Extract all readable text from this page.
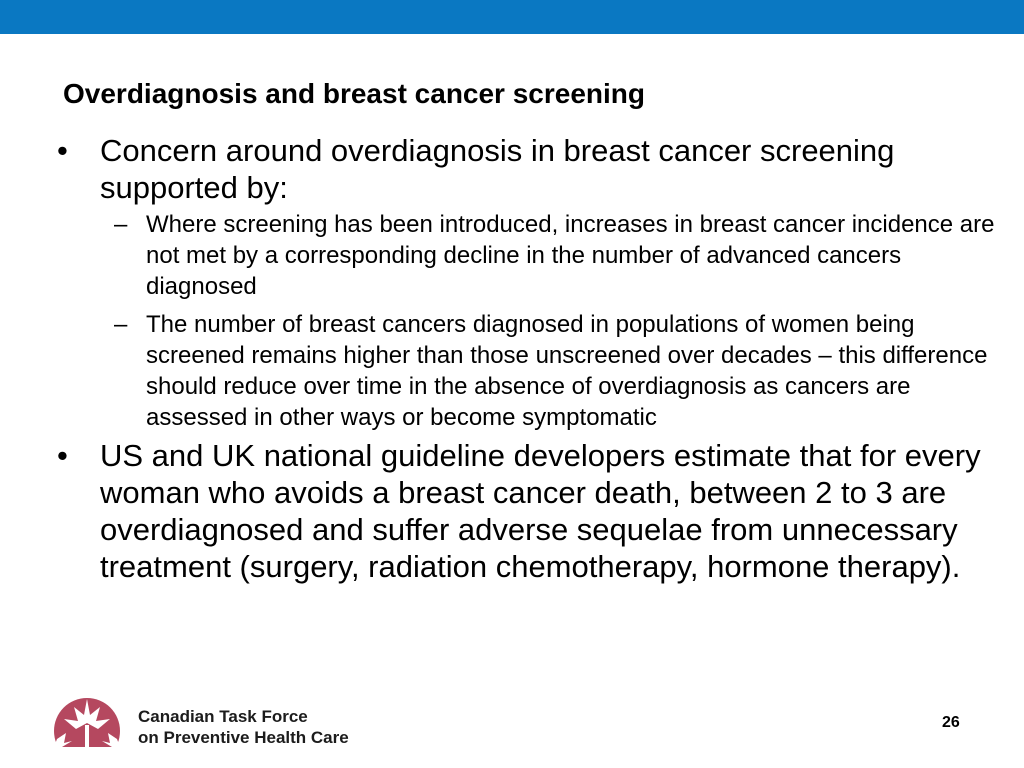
Overdiagnosis and breast cancer screening
• Concern around overdiagnosis in breast cancer screening supported by:
– Where screening has been introduced, increases in breast cancer incidence are not met by a corresponding decline in the number of advanced cancers diagnosed
– The number of breast cancers diagnosed in populations of women being screened remains higher than those unscreened over decades – this difference should reduce over time in the absence of overdiagnosis as cancers are assessed in other ways or become symptomatic
• US and UK national guideline developers estimate that for every woman who avoids a breast cancer death, between 2 to 3 are overdiagnosed and suffer adverse sequelae from unnecessary treatment (surgery, radiation chemotherapy, hormone therapy).
Canadian Task Force
on Preventive Health Care
26
